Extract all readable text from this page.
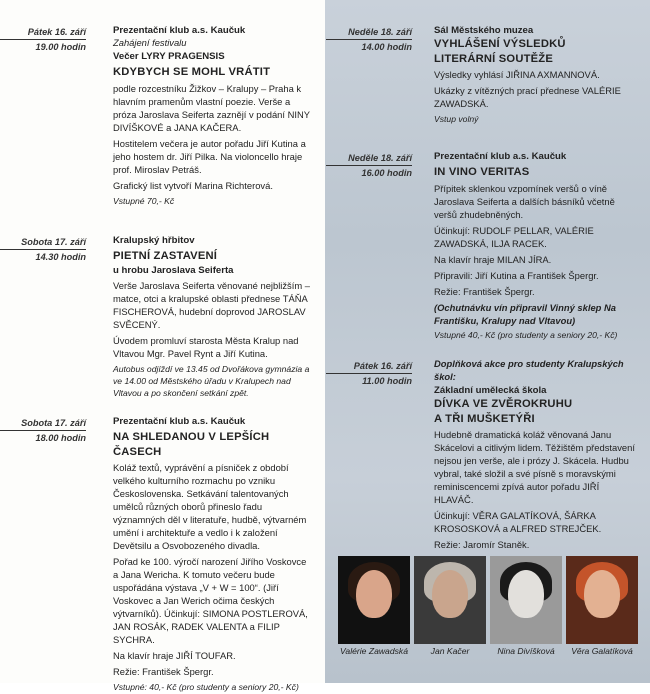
Pátek 16. září
19.00 hodin
Prezentační klub a.s. Kaučuk
Zahájení festivalu
Večer LYRY PRAGENSIS
KDYBYCH SE MOHL VRÁTIT

podle rozcestníku Žižkov – Kralupy – Praha k hlavním pramenům vlastní poezie. Verše a próza Jaroslava Seiferta zaznějí v podání NINY DIVÍŠKOVÉ a JANA KAČERA.

Hostitelem večera je autor pořadu Jiří Kutina a jeho hostem dr. Jiří Pilka. Na violoncello hraje prof. Miroslav Petráš.

Grafický list vytvoří Marina Richterová.

Vstupné 70,- Kč
Sobota 17. září
14.30 hodin
Kralupský hřbitov
PIETNÍ ZASTAVENÍ
u hrobu Jaroslava Seiferta

Verše Jaroslava Seiferta věnované nejbližším – matce, otci a kralupské oblasti přednese TÁŇA FISCHEROVÁ, hudební doprovod JAROSLAV SVĚCENÝ.

Úvodem promluví starosta Města Kralup nad Vltavou Mgr. Pavel Rynt a Jiří Kutina.

Autobus odjíždí ve 13.45 od Dvořákova gymnázia a ve 14.00 od Městského úřadu v Kralupech nad Vltavou a po skončení setkání zpět.
Sobota 17. září
18.00 hodin
Prezentační klub a.s. Kaučuk
NA SHLEDANOU V LEPŠÍCH ČASECH

Koláž textů, vyprávění a písniček z období velkého kulturního rozmachu po vzniku Československa. Setkávání talentovaných umělců různých oborů přineslo řadu významných děl v literatuře, hudbě, výtvarném umění i architektuře a vedlo i k založení Devětsilu a Osvobozeného divadla.

Pořad ke 100. výročí narození Jiřího Voskovce a Jana Wericha. K tomuto večeru bude uspořádána výstava „V + W = 100“. (Jiří Voskovec a Jan Werich očima českých výtvarníků). Účinkují: SIMONA POSTLEROVÁ, JAN ROSÁK, RADEK VALENTA a FILIP SYCHRA.

Na klavír hraje JIŘÍ TOUFAR.

Režie: František Špergr.

Vstupné: 40,- Kč (pro studenty a seniory 20,- Kč)
Neděle 18. září
14.00 hodin
Sál Městského muzea
VYHLÁŠENÍ VÝSLEDKŮ
LITERÁRNÍ SOUTĚŽE

Výsledky vyhlásí JIŘINA AXMANNOVÁ.

Ukázky z vítězných prací přednese VALÉRIE ZAWADSKÁ.

Vstup volný
Neděle 18. září
16.00 hodin
Prezentační klub a.s. Kaučuk
IN VINO VERITAS

Přípitek sklenkou vzpomínek veršů o víně Jaroslava Seiferta a dalších básníků včetně veršů zhudebněných.

Účinkují: RUDOLF PELLAR, VALÉRIE ZAWADSKÁ, ILJA RACEK.

Na klavír hraje MILAN JÍRA.

Připravili: Jiří Kutina a František Špergr.

Režie: František Špergr.

(Ochutnávku vín připravil Vinný sklep Na Františku, Kralupy nad Vltavou)

Vstupné 40,- Kč (pro studenty a seniory 20,- Kč)
Pátek 16. září
11.00 hodin
Doplňková akce pro studenty Kralupských škol:
Základní umělecká škola
DÍVKA VE ZVĚROKRUHU
A TŘI MUŠKETÝŘI

Hudebně dramatická koláž věnovaná Janu Skácelovi a citlivým lidem. Těžištěm představení nejsou jen verše, ale i prózy J. Skácela. Hudbu vybral, také složil a své písně s moravskými reminiscencemi zpívá autor pořadu JIŘÍ HLAVÁČ.

Účinkují: VĚRA GALATÍKOVÁ, ŠÁRKA KROSOSKOVÁ a ALFRED STREJČEK.

Režie: Jaromír Staněk.

Valérie Zawadská	Jan Kačer	Nina Divíšková	Věra Galatíková
